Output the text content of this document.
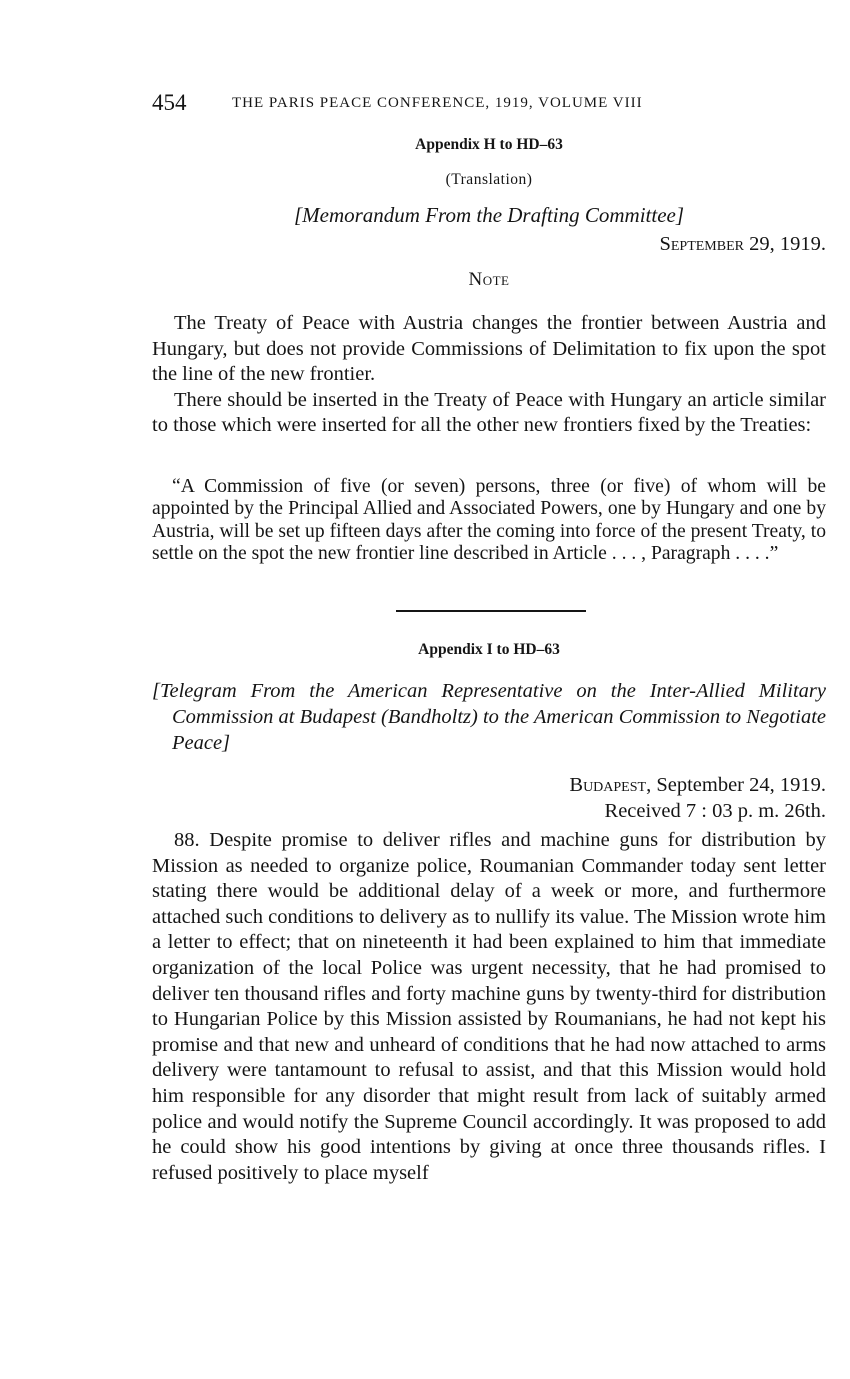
454	THE PARIS PEACE CONFERENCE, 1919, VOLUME VIII
Appendix H to HD–63
(Translation)
[Memorandum From the Drafting Committee]
September 29, 1919.
Note

The Treaty of Peace with Austria changes the frontier between Austria and Hungary, but does not provide Commissions of Delimitation to fix upon the spot the line of the new frontier.

There should be inserted in the Treaty of Peace with Hungary an article similar to those which were inserted for all the other new frontiers fixed by the Treaties:

“A Commission of five (or seven) persons, three (or five) of whom will be appointed by the Principal Allied and Associated Powers, one by Hungary and one by Austria, will be set up fifteen days after the coming into force of the present Treaty, to settle on the spot the new frontier line described in Article . . . , Paragraph . . . .”
Appendix I to HD–63
[Telegram From the American Representative on the Inter-Allied Military Commission at Budapest (Bandholtz) to the American Commission to Negotiate Peace]
Budapest, September 24, 1919.
Received 7 : 03 p. m. 26th.

88. Despite promise to deliver rifles and machine guns for distribution by Mission as needed to organize police, Roumanian Commander today sent letter stating there would be additional delay of a week or more, and furthermore attached such conditions to delivery as to nullify its value. The Mission wrote him a letter to effect; that on nineteenth it had been explained to him that immediate organization of the local Police was urgent necessity, that he had promised to deliver ten thousand rifles and forty machine guns by twenty-third for distribution to Hungarian Police by this Mission assisted by Roumanians, he had not kept his promise and that new and unheard of conditions that he had now attached to arms delivery were tantamount to refusal to assist, and that this Mission would hold him responsible for any disorder that might result from lack of suitably armed police and would notify the Supreme Council accordingly. It was proposed to add he could show his good intentions by giving at once three thousands rifles. I refused positively to place myself
